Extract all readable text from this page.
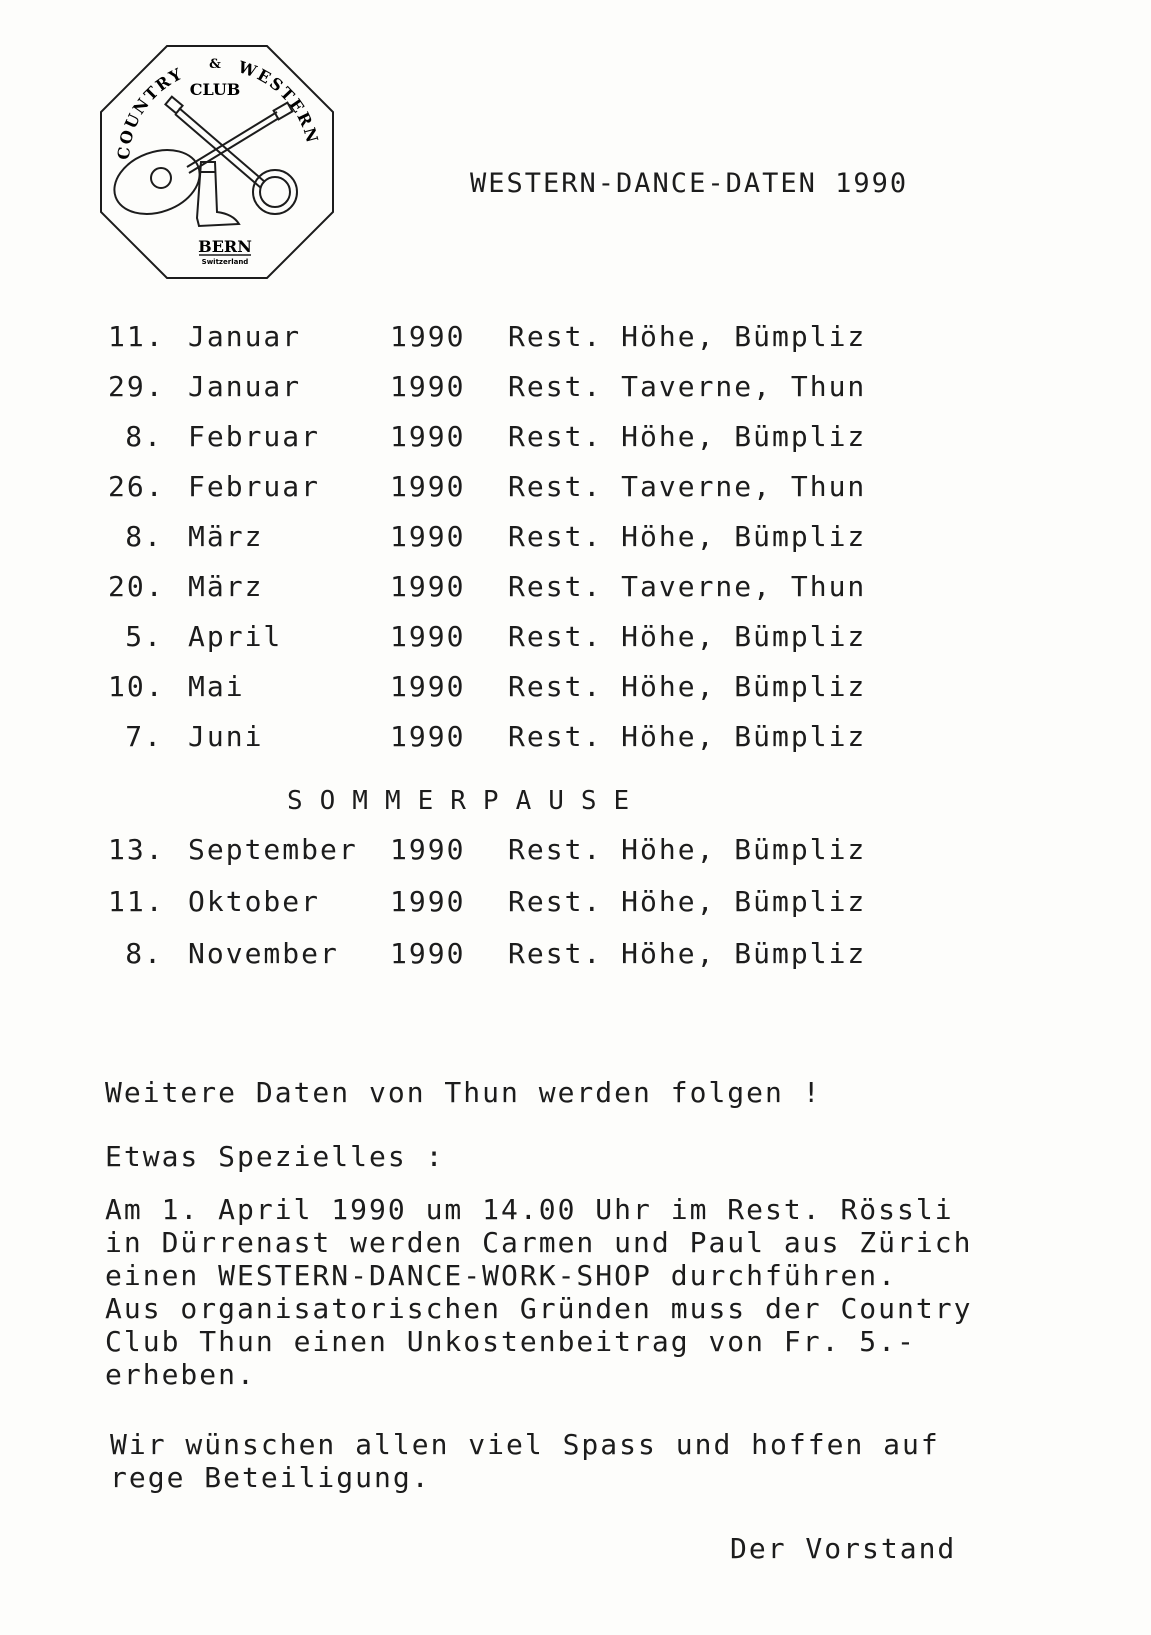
COUNTRY	WESTERN
&
CLUB
BERN
Switzerland
WESTERN-DANCE-DATEN 1990
11. Januar	1990 Rest. Höhe, Bümpliz
29. Januar	1990 Rest. Taverne, Thun
8. Februar 1990 Rest. Höhe, Bümpliz
26. Februar 1990 Rest. Taverne, Thun
8. März	1990 Rest. Höhe, Bümpliz
20. März	1990 Rest. Taverne, Thun
5. April	1990 Rest. Höhe, Bümpliz
10. Mai	1990 Rest. Höhe, Bümpliz
7. Juni	1990 Rest. Höhe, Bümpliz
SOMMERPAUSE
13. September 1990 Rest. Höhe, Bümpliz
11. Oktober 1990 Rest. Höhe, Bümpliz
8. November 1990 Rest. Höhe, Bümpliz
Weitere Daten von Thun werden folgen !
Etwas Spezielles :
Am 1. April 1990 um 14.00 Uhr im Rest. Rössli
in Dürrenast werden Carmen und Paul aus Zürich
einen WESTERN-DANCE-WORK-SHOP durchführen.
Aus organisatorischen Gründen muss der Country
Club Thun einen Unkostenbeitrag von Fr. 5.-
erheben.
Wir wünschen allen viel Spass und hoffen auf
rege Beteiligung.
Der Vorstand
